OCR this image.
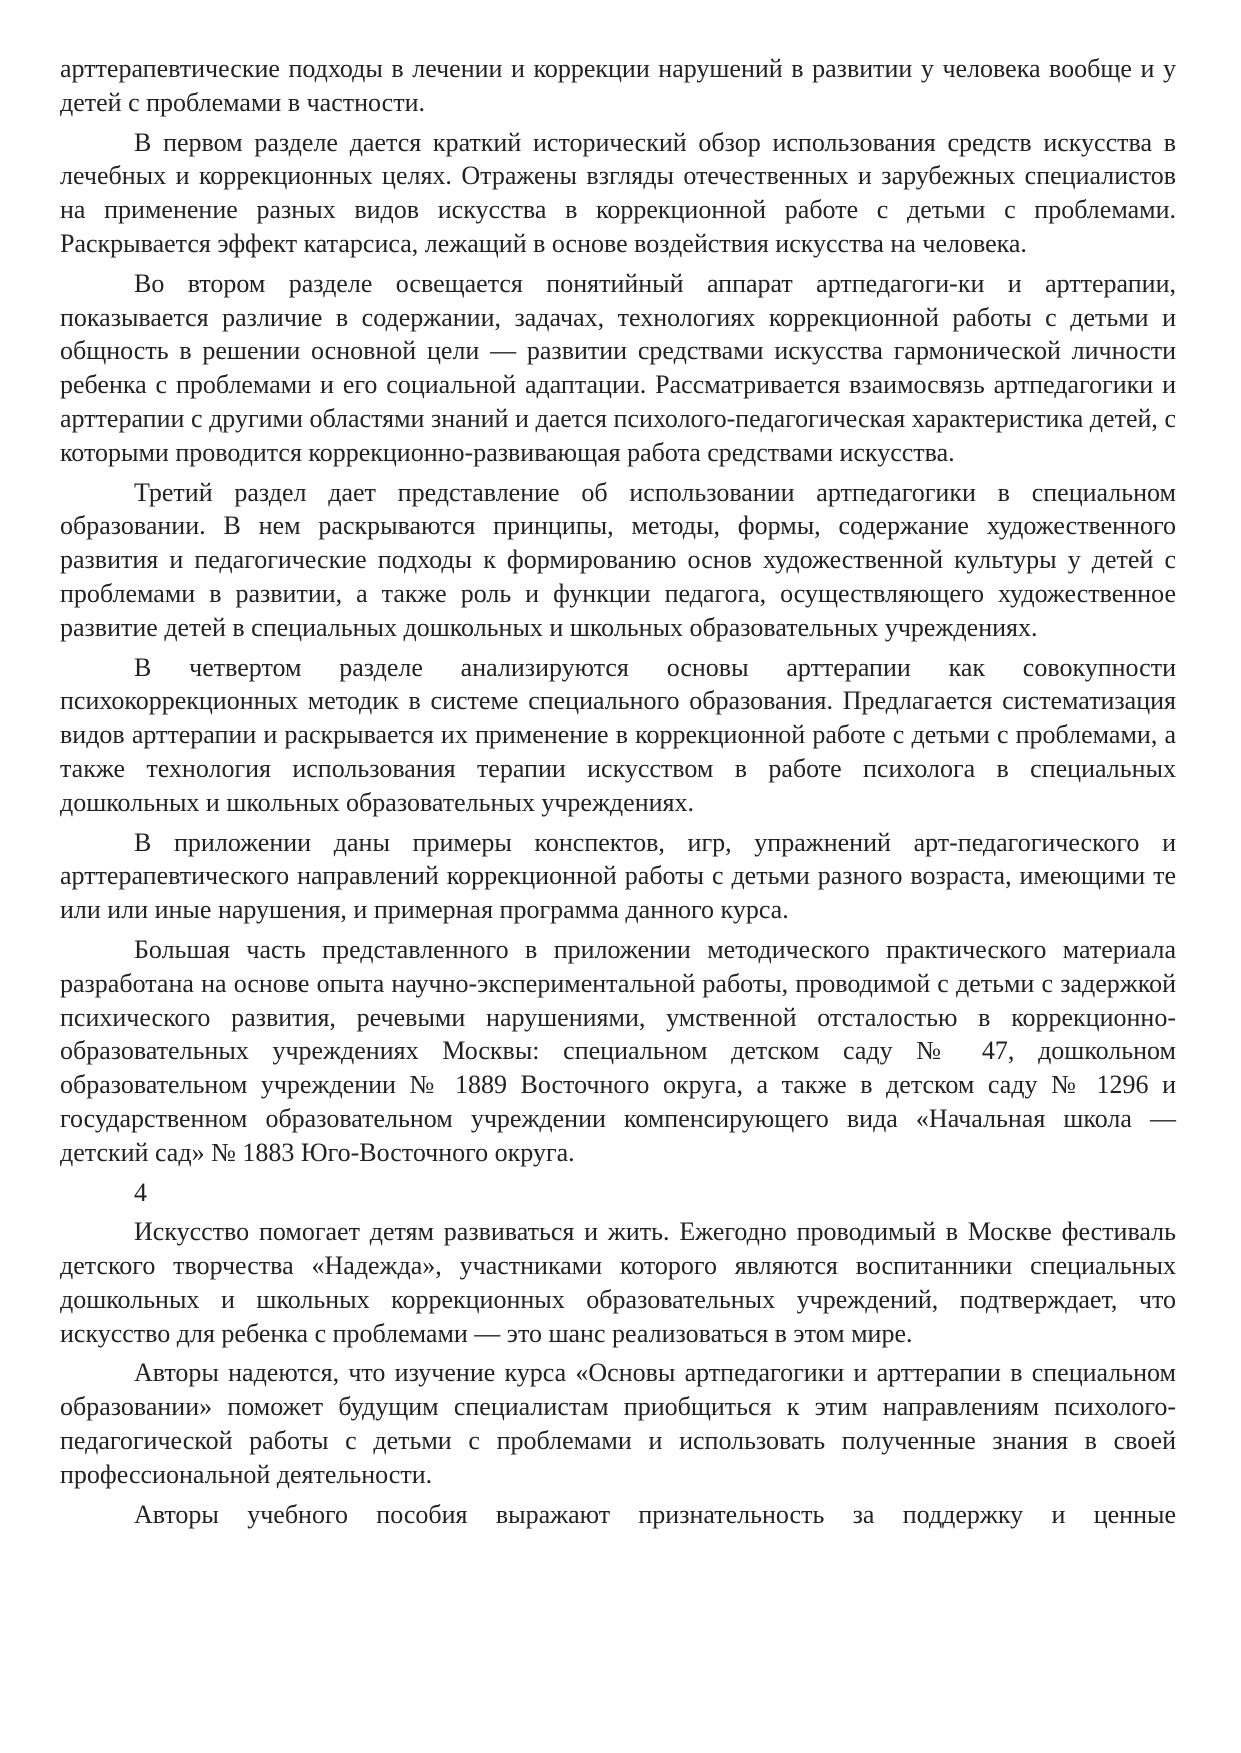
арттерапевтические подходы в лечении и коррекции нарушений в развитии у человека вообще и у детей с проблемами в частности.

В первом разделе дается краткий исторический обзор использования средств искусства в лечебных и коррекционных целях. Отражены взгляды отечественных и зарубежных специалистов на применение разных видов искусства в коррекционной работе с детьми с проблемами. Раскрывается эффект катарсиса, лежащий в основе воздействия искусства на человека.

Во втором разделе освещается понятийный аппарат артпедагоги-ки и арттерапии, показывается различие в содержании, задачах, технологиях коррекционной работы с детьми и общность в решении основной цели — развитии средствами искусства гармонической личности ребенка с проблемами и его социальной адаптации. Рассматривается взаимосвязь артпедагогики и арттерапии с другими областями знаний и дается психолого-педагогическая характеристика детей, с которыми проводится коррекционно-развивающая работа средствами искусства.

Третий раздел дает представление об использовании артпедагогики в специальном образовании. В нем раскрываются принципы, методы, формы, содержание художественного развития и педагогические подходы к формированию основ художественной культуры у детей с проблемами в развитии, а также роль и функции педагога, осуществляющего художественное развитие детей в специальных дошкольных и школьных образовательных учреждениях.

В четвертом разделе анализируются основы арттерапии как совокупности психокоррекционных методик в системе специального образования. Предлагается систематизация видов арттерапии и раскрывается их применение в коррекционной работе с детьми с проблемами, а также технология использования терапии искусством в работе психолога в специальных дошкольных и школьных образовательных учреждениях.

В приложении даны примеры конспектов, игр, упражнений арт-педагогического и арттерапевтического направлений коррекционной работы с детьми разного возраста, имеющими те или или иные нарушения, и примерная программа данного курса.

Большая часть представленного в приложении методического практического материала разработана на основе опыта научно-экспериментальной работы, проводимой с детьми с задержкой психического развития, речевыми нарушениями, умственной отсталостью в коррекционно-образовательных учреждениях Москвы: специальном детском саду № 47, дошкольном образовательном учреждении № 1889 Восточного округа, а также в детском саду № 1296 и государственном образовательном учреждении компенсирующего вида «Начальная школа — детский сад» № 1883 Юго-Восточного округа.

4

Искусство помогает детям развиваться и жить. Ежегодно проводимый в Москве фестиваль детского творчества «Надежда», участниками которого являются воспитанники специальных дошкольных и школьных коррекционных образовательных учреждений, подтверждает, что искусство для ребенка с проблемами — это шанс реализоваться в этом мире.

Авторы надеются, что изучение курса «Основы артпедагогики и арттерапии в специальном образовании» поможет будущим специалистам приобщиться к этим направлениям психолого-педагогической работы с детьми с проблемами и использовать полученные знания в своей профессиональной деятельности.

Авторы учебного пособия выражают признательность за поддержку и ценные
